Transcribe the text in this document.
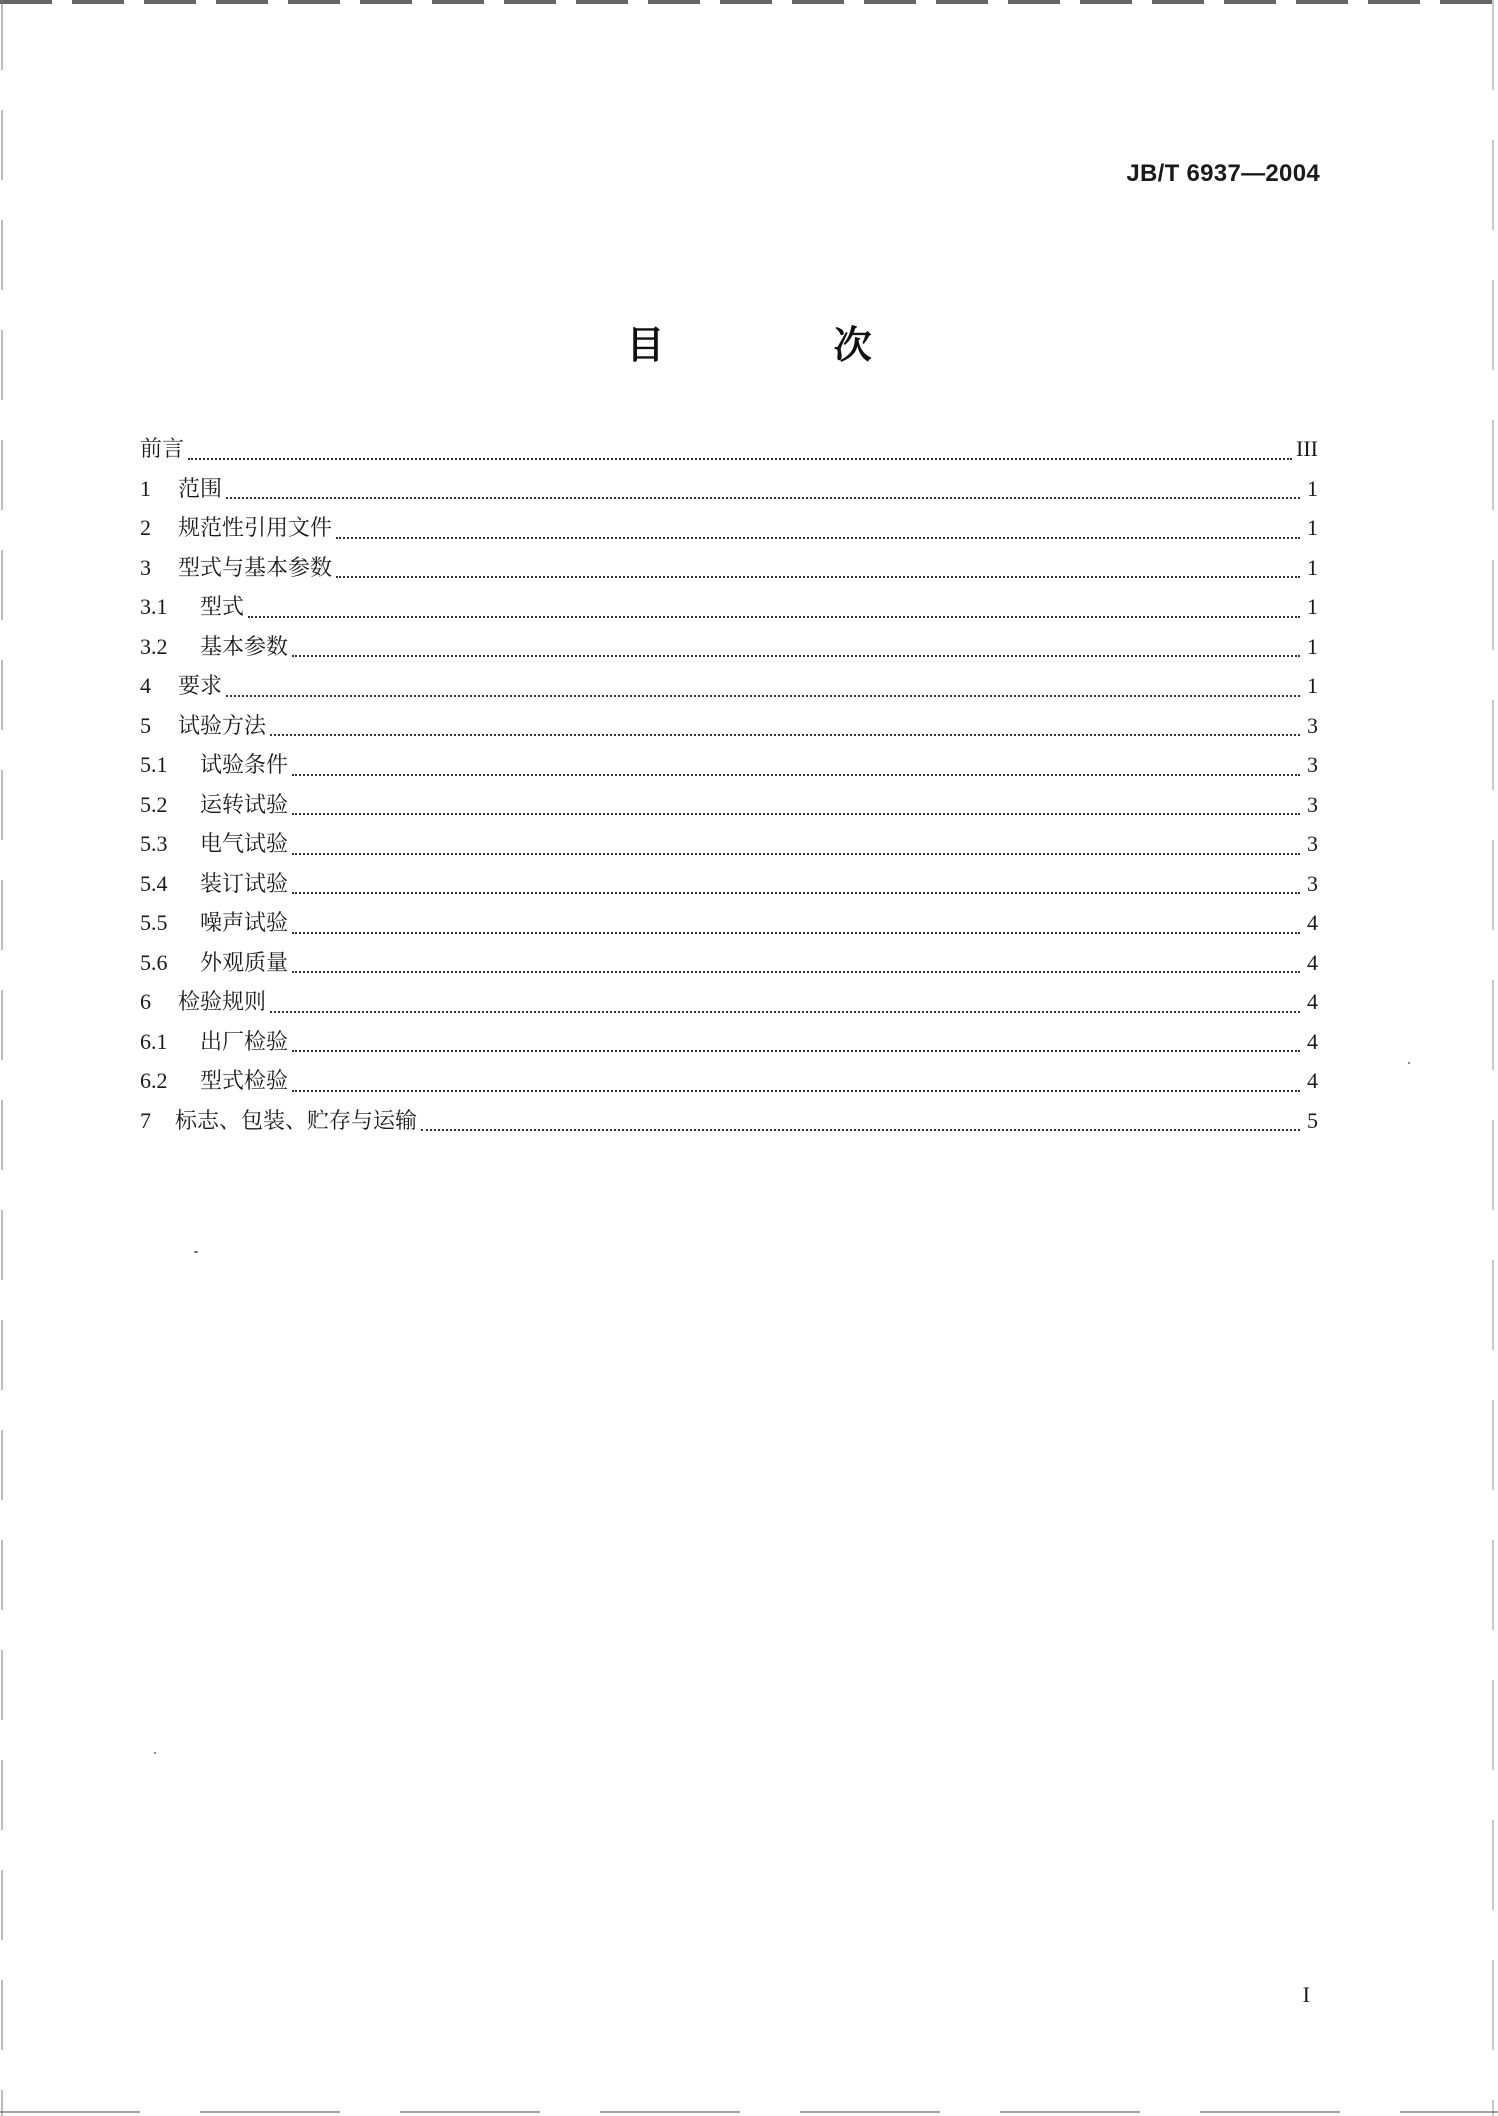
JB/T 6937—2004
目 次
前言	III
1	范围	1
2	规范性引用文件	1
3	型式与基本参数	1
3.1	型式	1
3.2	基本参数	1
4	要求	1
5	试验方法	3
5.1	试验条件	3
5.2	运转试验	3
5.3	电气试验	3
5.4	装订试验	3
5.5	噪声试验	4
5.6	外观质量	4
6	检验规则	4
6.1	出厂检验	4
6.2	型式检验	4
7	标志、包装、贮存与运输	5
I
